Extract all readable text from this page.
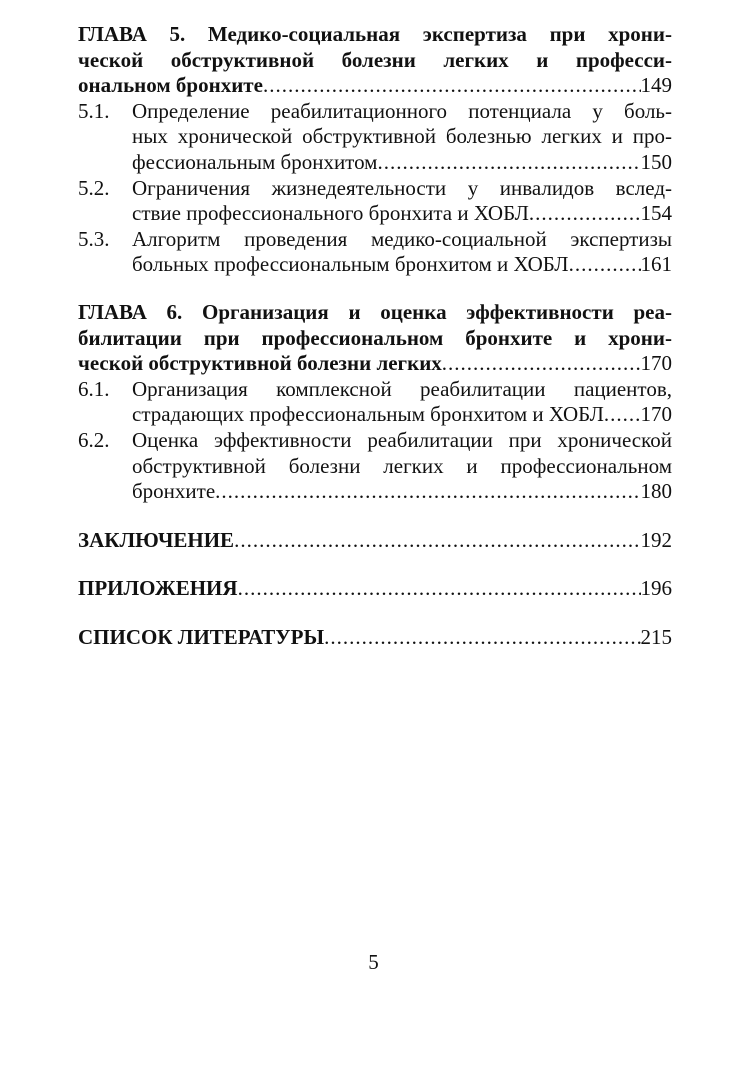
ГЛАВА 5. Медико-социальная экспертиза при хрони-
ческой обструктивной болезни легких и професси-
ональном бронхите .....	149
5.1.	Определение реабилитационного потенциала у боль-
ных хронической обструктивной болезнью легких и про-
фессиональным бронхитом .....	150
5.2.	Ограничения жизнедеятельности у инвалидов вслед-
ствие профессионального бронхита и ХОБЛ .....	154
5.3.	Алгоритм проведения медико-социальной экспертизы
больных профессиональным бронхитом и ХОБЛ .....	161
ГЛАВА 6. Организация и оценка эффективности реа-
билитации при профессиональном бронхите и хрони-
ческой обструктивной болезни легких .....	170
6.1.	Организация комплексной реабилитации пациентов,
страдающих профессиональным бронхитом и ХОБЛ ..... 170
6.2.	Оценка эффективности реабилитации при хронической
обструктивной болезни легких и профессиональном
бронхите .....	180
ЗАКЛЮЧЕНИЕ .....	192
ПРИЛОЖЕНИЯ .....	196
СПИСОК ЛИТЕРАТУРЫ .....	215
5
